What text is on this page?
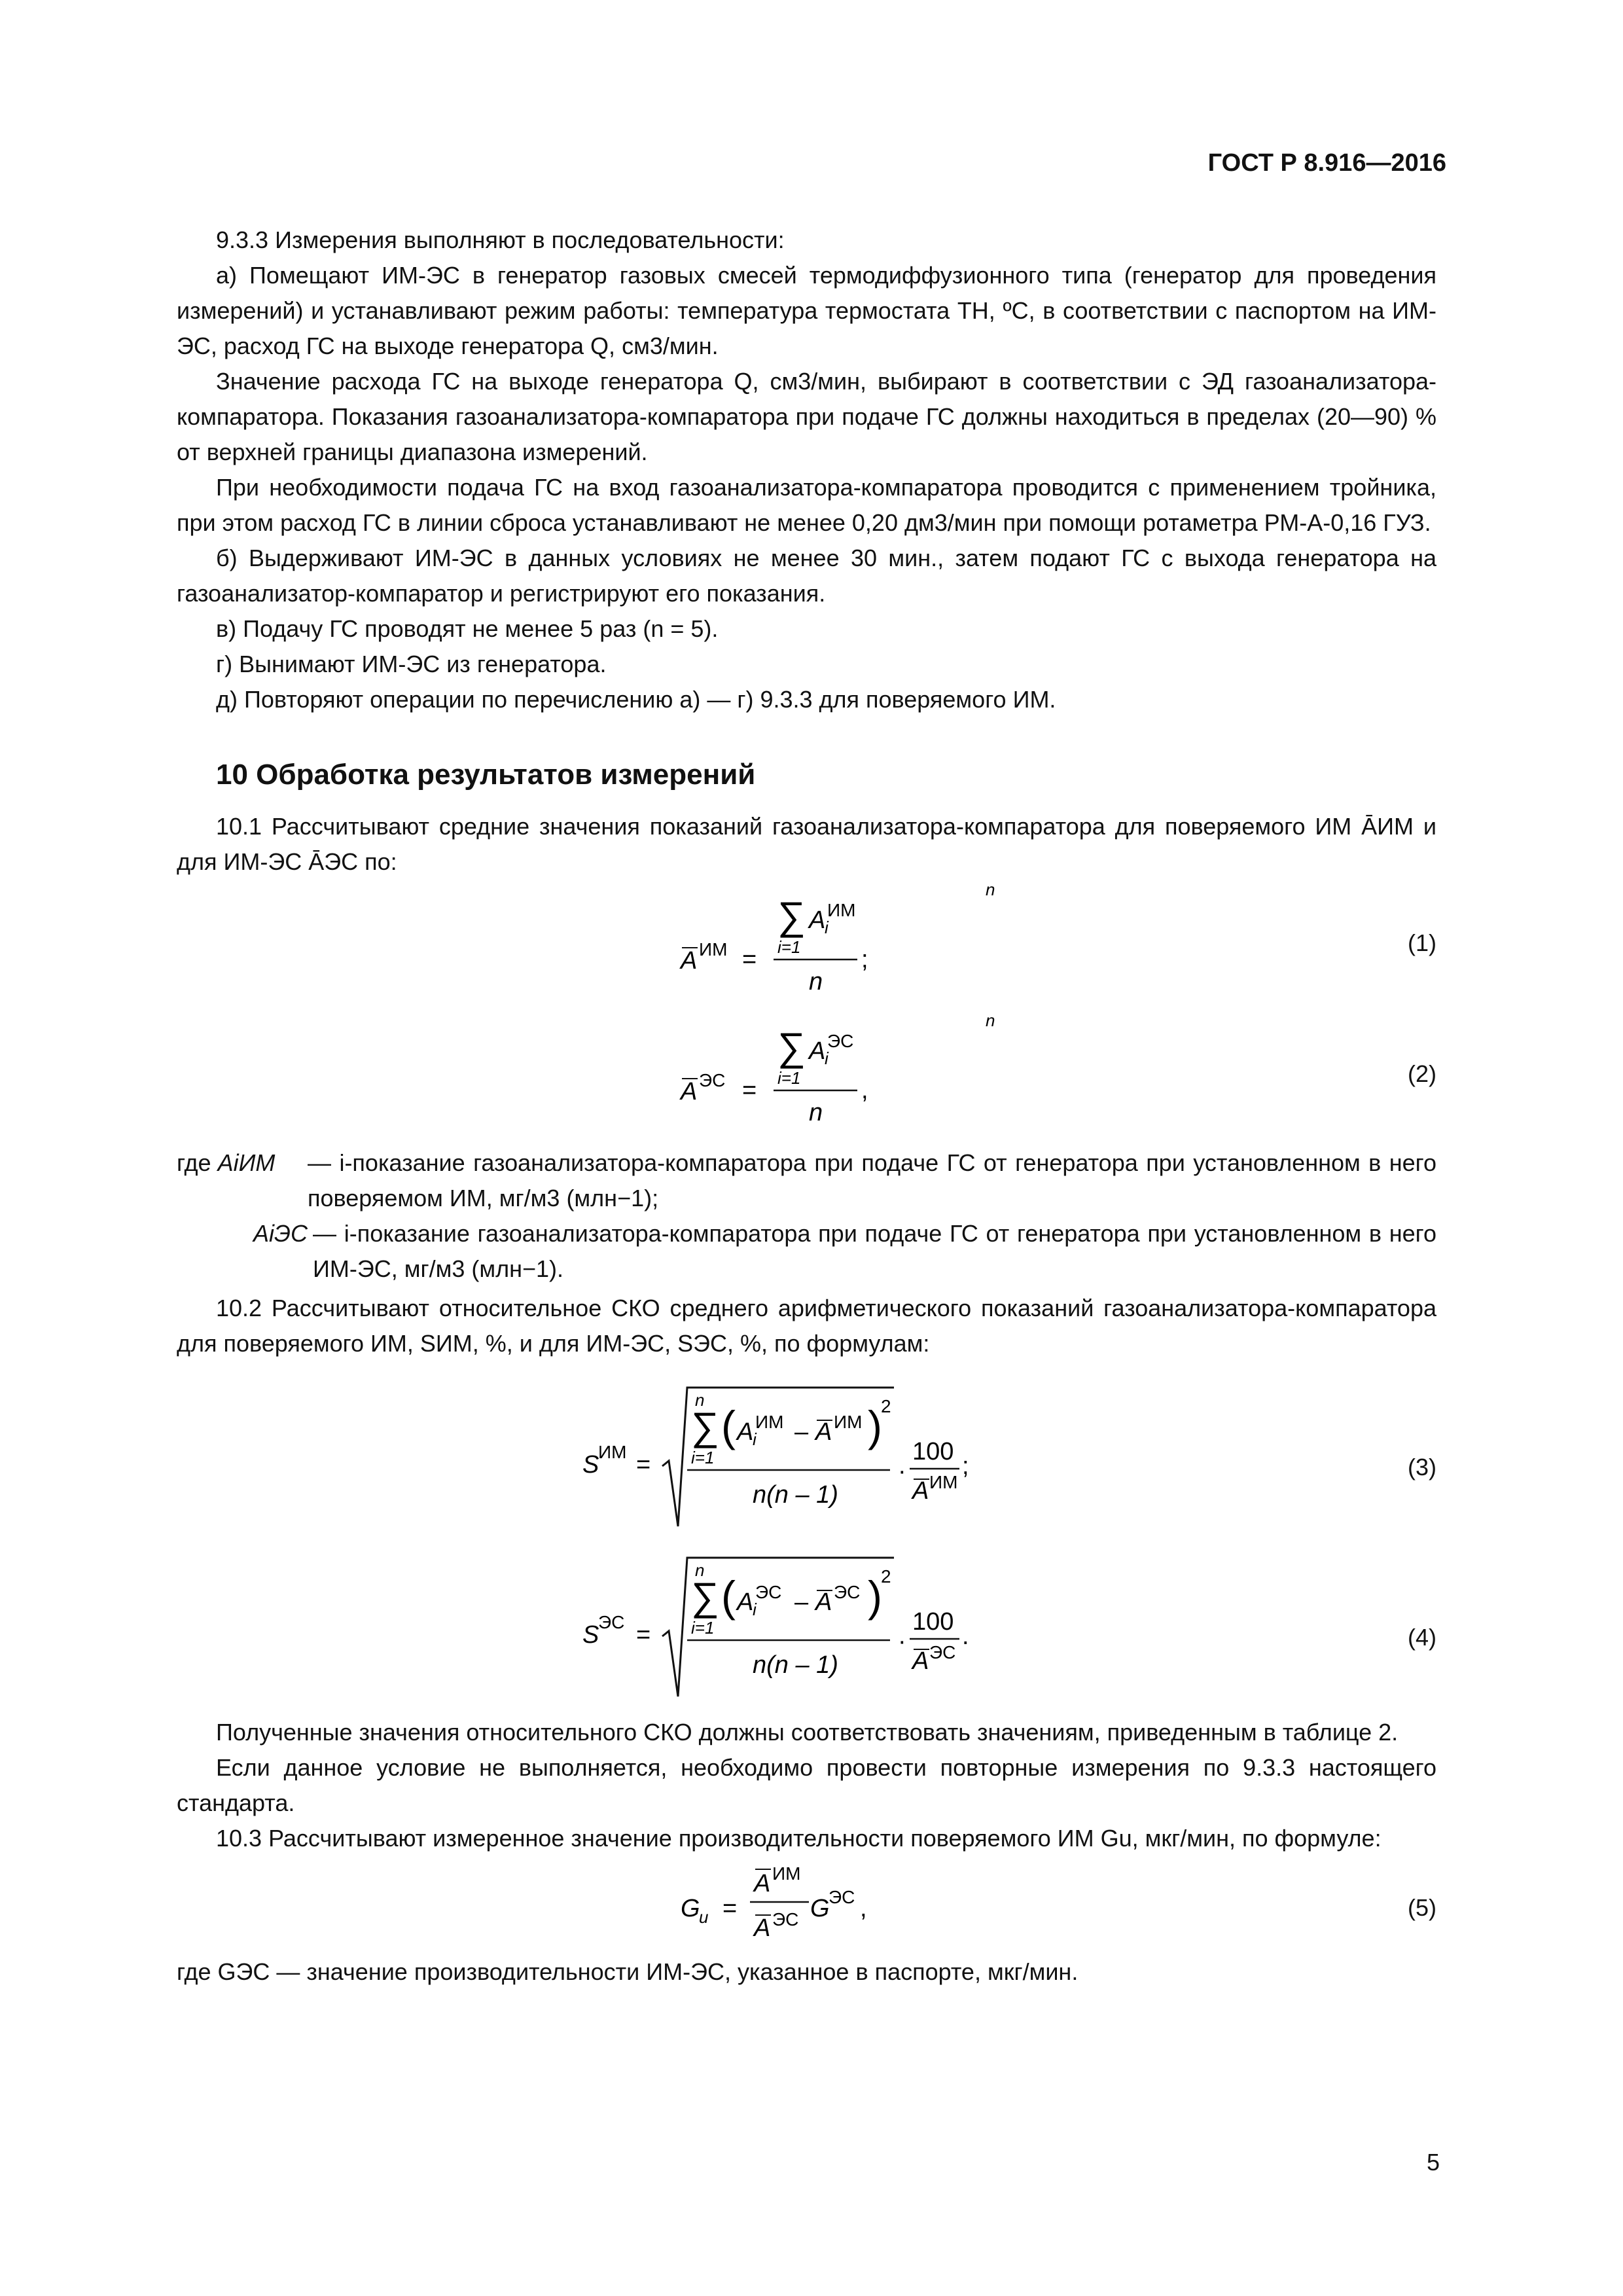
ГОСТ Р 8.916—2016

9.3.3 Измерения выполняют в последовательности:

а) Помещают ИМ-ЭС в генератор газовых смесей термодиффузионного типа (генератор для проведения измерений) и устанавливают режим работы: температура термостата TН, ºС, в соответствии с паспортом на ИМ-ЭС, расход ГС на выходе генератора Q, см3/мин.

Значение расхода ГС на выходе генератора Q, см3/мин, выбирают в соответствии с ЭД газоанализатора-компаратора. Показания газоанализатора-компаратора при подаче ГС должны находиться в пределах (20—90) % от верхней границы диапазона измерений.

При необходимости подача ГС на вход газоанализатора-компаратора проводится с применением тройника, при этом расход ГС в линии сброса устанавливают не менее 0,20 дм3/мин при помощи ротаметра РМ-А-0,16 ГУЗ.

б) Выдерживают ИМ-ЭС в данных условиях не менее 30 мин., затем подают ГС с выхода генератора на газоанализатор-компаратор и регистрируют его показания.

в) Подачу ГС проводят не менее 5 раз (n = 5).

г) Вынимают ИМ-ЭС из генератора.

д) Повторяют операции по перечислению а) — г) 9.3.3 для поверяемого ИМ.

10 Обработка результатов измерений

10.1 Рассчитывают средние значения показаний газоанализатора-компаратора для поверяемого ИМ ĀИМ и для ИМ-ЭС ĀЭС по:

n
∑ A
i
ИМ
i=1
n
A ИМ =	;
(1)
n
∑ A
i
ЭС
i=1
n
A ЭС =	,
(2)
где AiИМ	— i-показание газоанализатора-компаратора при подаче ГС от генератора при установленном в него поверяемом ИМ, мг/м3 (млн−1);
AiЭС — i-показание газоанализатора-компаратора при подаче ГС от генератора при установленном в него ИМ-ЭС, мг/м3 (млн−1).

10.2 Рассчитывают относительное СКО среднего арифметического показаний газоанализатора-компаратора для поверяемого ИМ, SИМ, %, и для ИМ-ЭС, SЭС, %, по формулам:

S
ИМ =
n
∑ ( A
i
ИМ – A ИМ )
2
i=1
n(n – 1)
·
100
A ИМ
;	(3)
S
ЭС =
n
∑ ( A
i
ЭС – A ЭС )
2
i=1
n(n – 1)
·
100
A ЭС
.	(4)

Полученные значения относительного СКО должны соответствовать значениям, приведенным в таблице 2.

Если данное условие не выполняется, необходимо провести повторные измерения по 9.3.3 настоящего стандарта.

10.3 Рассчитывают измеренное значение производительности поверяемого ИМ Gu, мкг/мин, по формуле:

G
u =
A ИМ
A ЭС G
ЭС ,	(5)

где GЭС — значение производительности ИМ-ЭС, указанное в паспорте, мкг/мин.

5
